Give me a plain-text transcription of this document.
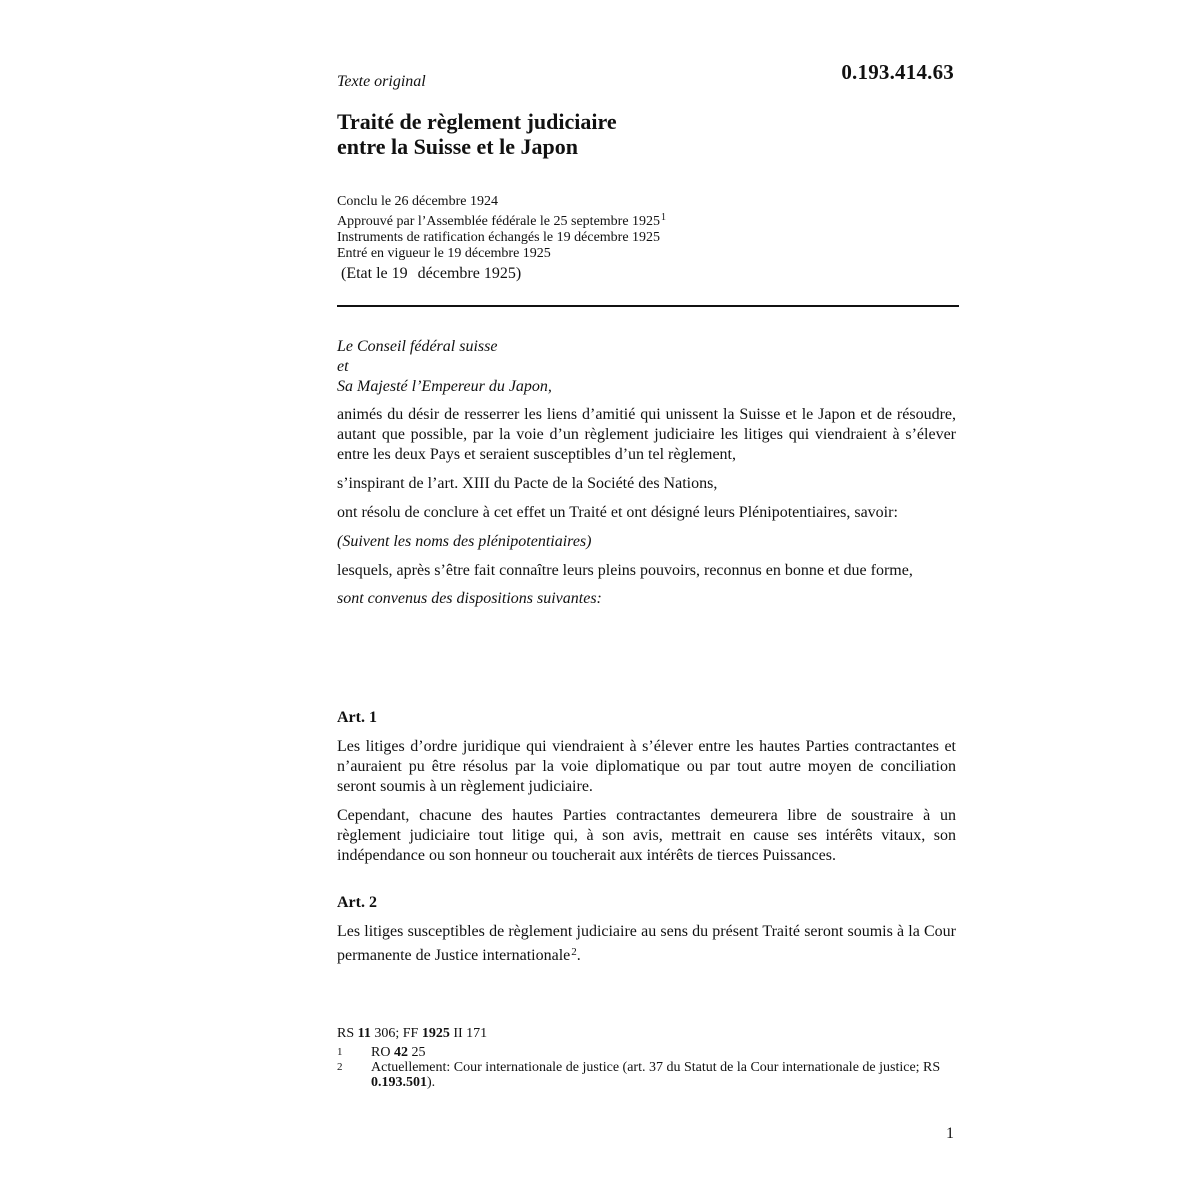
0.193.414.63
Texte original
Traité de règlement judiciaire
entre la Suisse et le Japon
Conclu le 26 décembre 1924
Approuvé par l’Assemblée fédérale le 25 septembre 1925$^1$
Instruments de ratification échangés le 19 décembre 1925
Entré en vigueur le 19 décembre 1925
(Etat le 19 décembre 1925)

Le Conseil fédéral suisse

et

Sa Majesté l’Empereur du Japon,

animés du désir de resserrer les liens d’amitié qui unissent la Suisse et le Japon et de résoudre, autant que possible, par la voie d’un règlement judiciaire les litiges qui viendraient à s’élever entre les deux Pays et seraient susceptibles d’un tel règlement,

s’inspirant de l’art. XIII du Pacte de la Société des Nations,

ont résolu de conclure à cet effet un Traité et ont désigné leurs Plénipotentiaires, savoir:

(Suivent les noms des plénipotentiaires)

lesquels, après s’être fait connaître leurs pleins pouvoirs, reconnus en bonne et due forme,

sont convenus des dispositions suivantes:

Art. 1

Les litiges d’ordre juridique qui viendraient à s’élever entre les hautes Parties contractantes et n’auraient pu être résolus par la voie diplomatique ou par tout autre moyen de conciliation seront soumis à un règlement judiciaire.

Cependant, chacune des hautes Parties contractantes demeurera libre de soustraire à un règlement judiciaire tout litige qui, à son avis, mettrait en cause ses intérêts vitaux, son indépendance ou son honneur ou toucherait aux intérêts de tierces Puissances.

Art. 2

Les litiges susceptibles de règlement judiciaire au sens du présent Traité seront soumis à la Cour permanente de Justice internationale$^2$.

RS 11 306; FF 1925 II 171
1	RO 42 25
2	Actuellement: Cour internationale de justice (art. 37 du Statut de la Cour internationale de justice; RS 0.193.501).
1
